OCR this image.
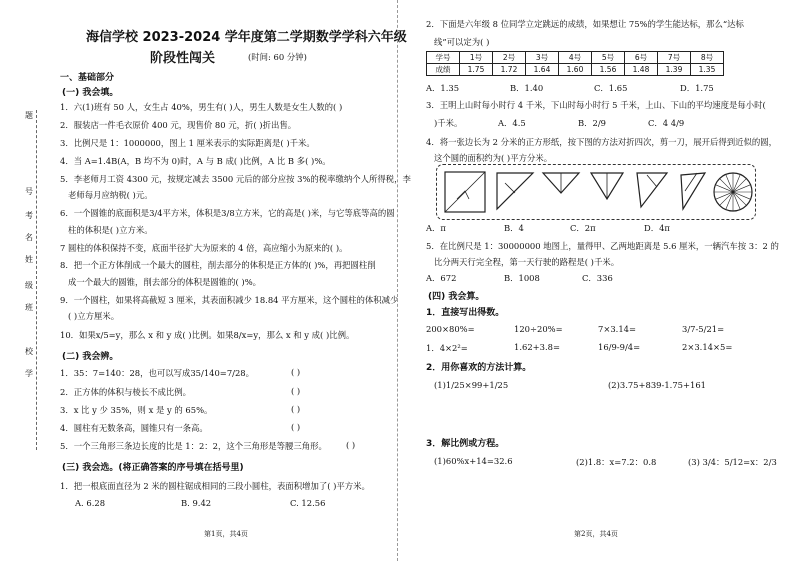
海信学校 2023-2024 学年度第二学期数学学科六年级
阶段性闯关	(时间: 60 分钟)
题
号
考
名
姓
级
班
校
学
一、基础部分
(一) 我会填。
1．六(1)班有 50 人，女生占 40%，男生有( )人，男生人数是女生人数的( )
2．服装店一件毛衣原价 400 元，现售价 80 元，折( )折出售。
3．比例尺是 1：1000000，图上 1 厘米表示的实际距离是( )千米。
4．当 A=1.4B(A，B 均不为 0)时，A 与 B 成( )比例，A 比 B 多( )%。
5．李老师月工资 4300 元，按规定减去 3500 元后的部分应按 3%的税率缴纳个人所得税，李
老师每月应纳税( )元。
6．一个圆锥的底面积是3/4平方米，体积是3/8立方米，它的高是( )米，与它等底等高的圆
柱的体积是( )立方米。
7 圆柱的体积保持不变，底面半径扩大为原来的 4 倍，高应缩小为原来的( )。
8．把一个正方体削成一个最大的圆柱，削去部分的体积是正方体的( )%，再把圆柱削
成一个最大的圆锥，削去部分的体积是圆锥的( )%。
9．一个圆柱，如果将高截短 3 厘米，其表面积减少 18.84 平方厘米，这个圆柱的体积减少
( )立方厘米。
10．如果x/5=y，那么 x 和 y 成( )比例。如果8/x=y，那么 x 和 y 成( )比例。
(二) 我会辨。
1．35：7=140：28，也可以写成35/140=7/28。	( )
2．正方体的体积与棱长不成比例。	( )
3．x 比 y 少 35%，则 x 是 y 的 65%。	( )
4．圆柱有无数条高，圆锥只有一条高。	( )
5．一个三角形三条边长度的比是 1：2：2，这个三角形是等腰三角形。 ( )
(三) 我会选。(将正确答案的序号填在括号里)
1．把一根底面直径为 2 米的圆柱锯成相同的三段小圆柱，表面积增加了( )平方米。
A. 6.28	B. 9.42	C. 12.56
第1页，共4页
2．下面是六年级 8 位同学立定跳远的成绩，如果想让 75%的学生能达标，那么“达标
线”可以定为( )
学号	1号	2号	3号	4号	5号	6号	7号	8号
成绩	1.75	1.72	1.64	1.60	1.56	1.48	1.39	1.35
A．1.35	B．1.40	C．1.65	D．1.75
3．王明上山时每小时行 4 千米，下山时每小时行 5 千米，上山、下山的平均速度是每小时(
)千米。	A．4.5	B．2/9	C．4 4/9
4．将一张边长为 2 分米的正方形纸，按下图的方法对折四次，剪一刀，展开后得到近似的圆，
这个圆的面积约为( )平方分米。
A．π	B．4	C．2π	D．4π
5．在比例尺是 1：30000000 地图上，量得甲、乙两地距离是 5.6 厘米，一辆汽车按 3：2 的
比分两天行完全程，第一天行驶的路程是( )千米。
A．672	B．1008	C．336
(四) 我会算。
1．直接写出得数。
200×80%=	120÷20%=	7×3.14=	3/7-5/21=
1．4×2²=	1.62+3.8=	16/9-9/4=	2×3.14×5=
2．用你喜欢的方法计算。
(1)1/25×99+1/25	(2)3.75+839-1.75+161
3．解比例或方程。
(1)60%x+14=32.6	(2)1.8：x=7.2：0.8	(3) 3/4：5/12=x：2/3
第2页，共4页
